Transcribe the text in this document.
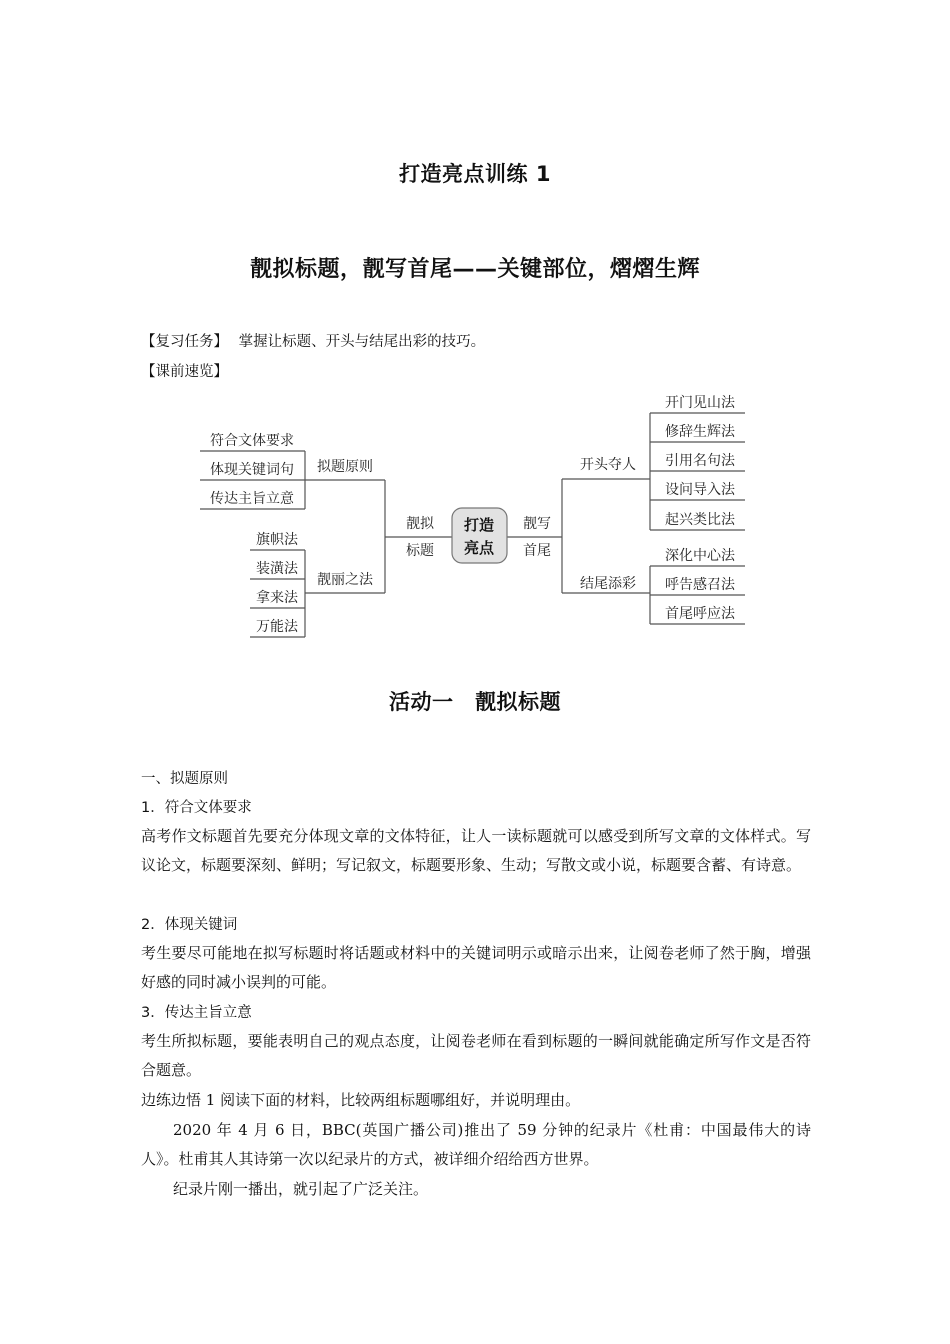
打造亮点训练 1
靓拟标题，靓写首尾——关键部位，熠熠生辉
【复习任务】 掌握让标题、开头与结尾出彩的技巧。
【课前速览】
打造
亮点
靓拟
标题
靓写
首尾
拟题原则
符合文体要求
体现关键词句
传达主旨立意
靓丽之法
旗帜法
装潢法
拿来法
万能法
开头夺人
开门见山法
修辞生辉法
引用名句法
设问导入法
起兴类比法
结尾添彩
深化中心法
呼告感召法
首尾呼应法
活动一　靓拟标题
一、拟题原则
1．符合文体要求
高考作文标题首先要充分体现文章的文体特征，让人一读标题就可以感受到所写文章的文体样式。写议论文，标题要深刻、鲜明；写记叙文，标题要形象、生动；写散文或小说，标题要含蓄、有诗意。
2．体现关键词
考生要尽可能地在拟写标题时将话题或材料中的关键词明示或暗示出来，让阅卷老师了然于胸，增强好感的同时减小误判的可能。
3．传达主旨立意
考生所拟标题，要能表明自己的观点态度，让阅卷老师在看到标题的一瞬间就能确定所写作文是否符合题意。
边练边悟 1 阅读下面的材料，比较两组标题哪组好，并说明理由。
2020 年 4 月 6 日，BBC(英国广播公司)推出了 59 分钟的纪录片《杜甫：中国最伟大的诗人》。杜甫其人其诗第一次以纪录片的方式，被详细介绍给西方世界。
纪录片刚一播出，就引起了广泛关注。
